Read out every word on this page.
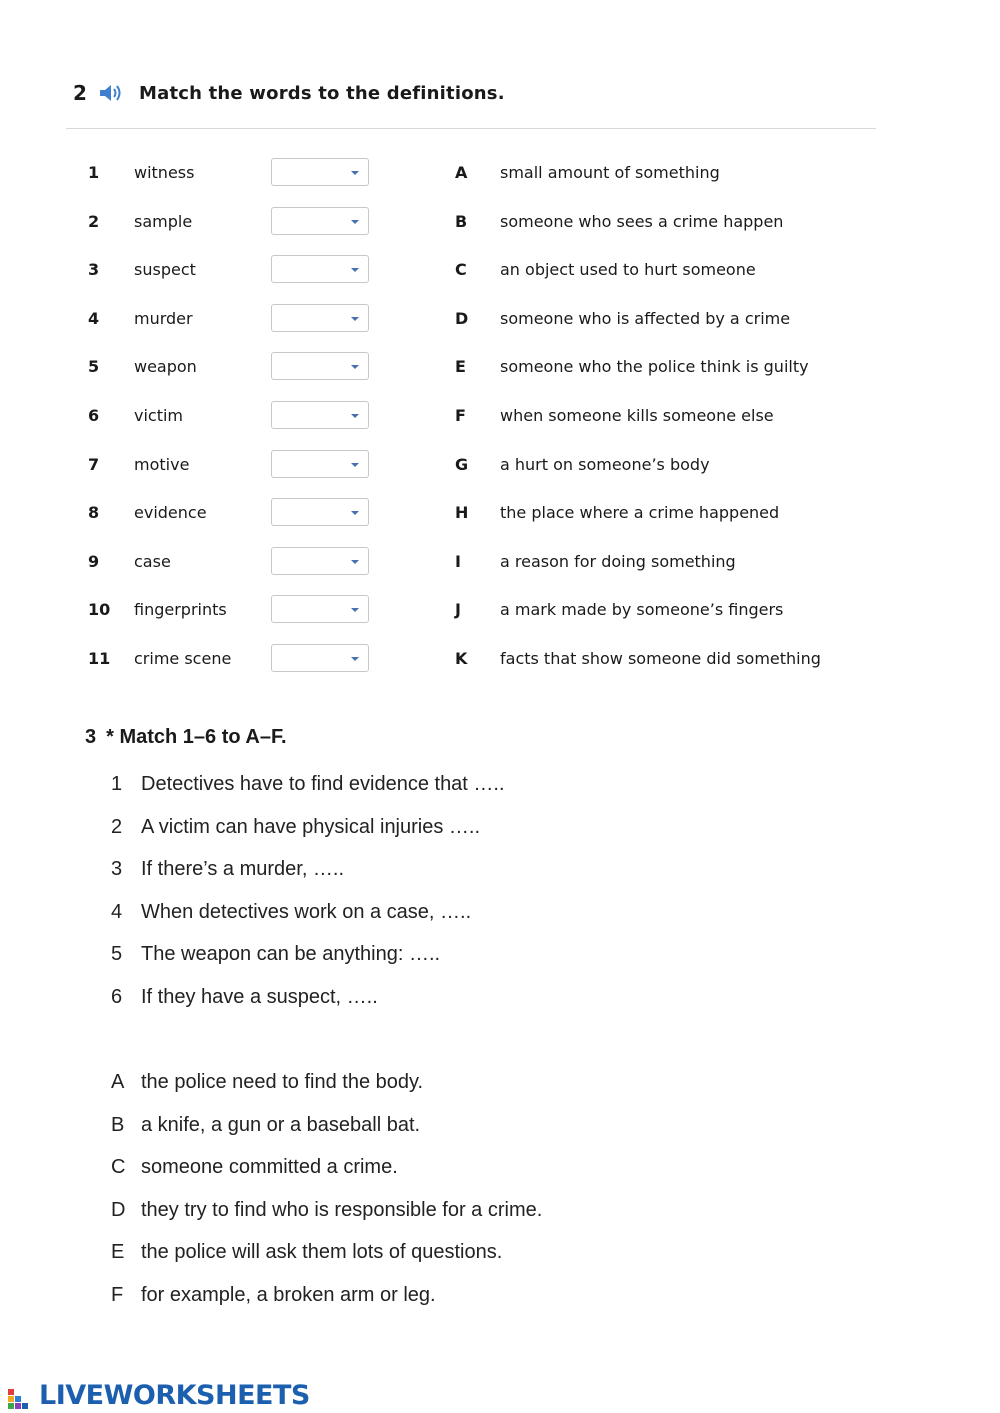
2	Match the words to the definitions.
1 witness	A small amount of something
2 sample	B someone who sees a crime happen
3 suspect	C an object used to hurt someone
4 murder	D someone who is affected by a crime
5 weapon	E someone who the police think is guilty
6 victim	F when someone kills someone else
7 motive	G a hurt on someone’s body
8 evidence	H the place where a crime happened
9 case	I a reason for doing something
10 fingerprints	J a mark made by someone’s fingers
11 crime scene	K facts that show someone did something
3 * Match 1–6 to A–F.
1 Detectives have to find evidence that …..
2 A victim can have physical injuries …..
3 If there’s a murder, …..
4 When detectives work on a case, …..
5 The weapon can be anything: …..
6 If they have a suspect, …..
A the police need to find the body.
B a knife, a gun or a baseball bat.
C someone committed a crime.
D they try to find who is responsible for a crime.
E the police will ask them lots of questions.
F for example, a broken arm or leg.
LIVEWORKSHEETS
